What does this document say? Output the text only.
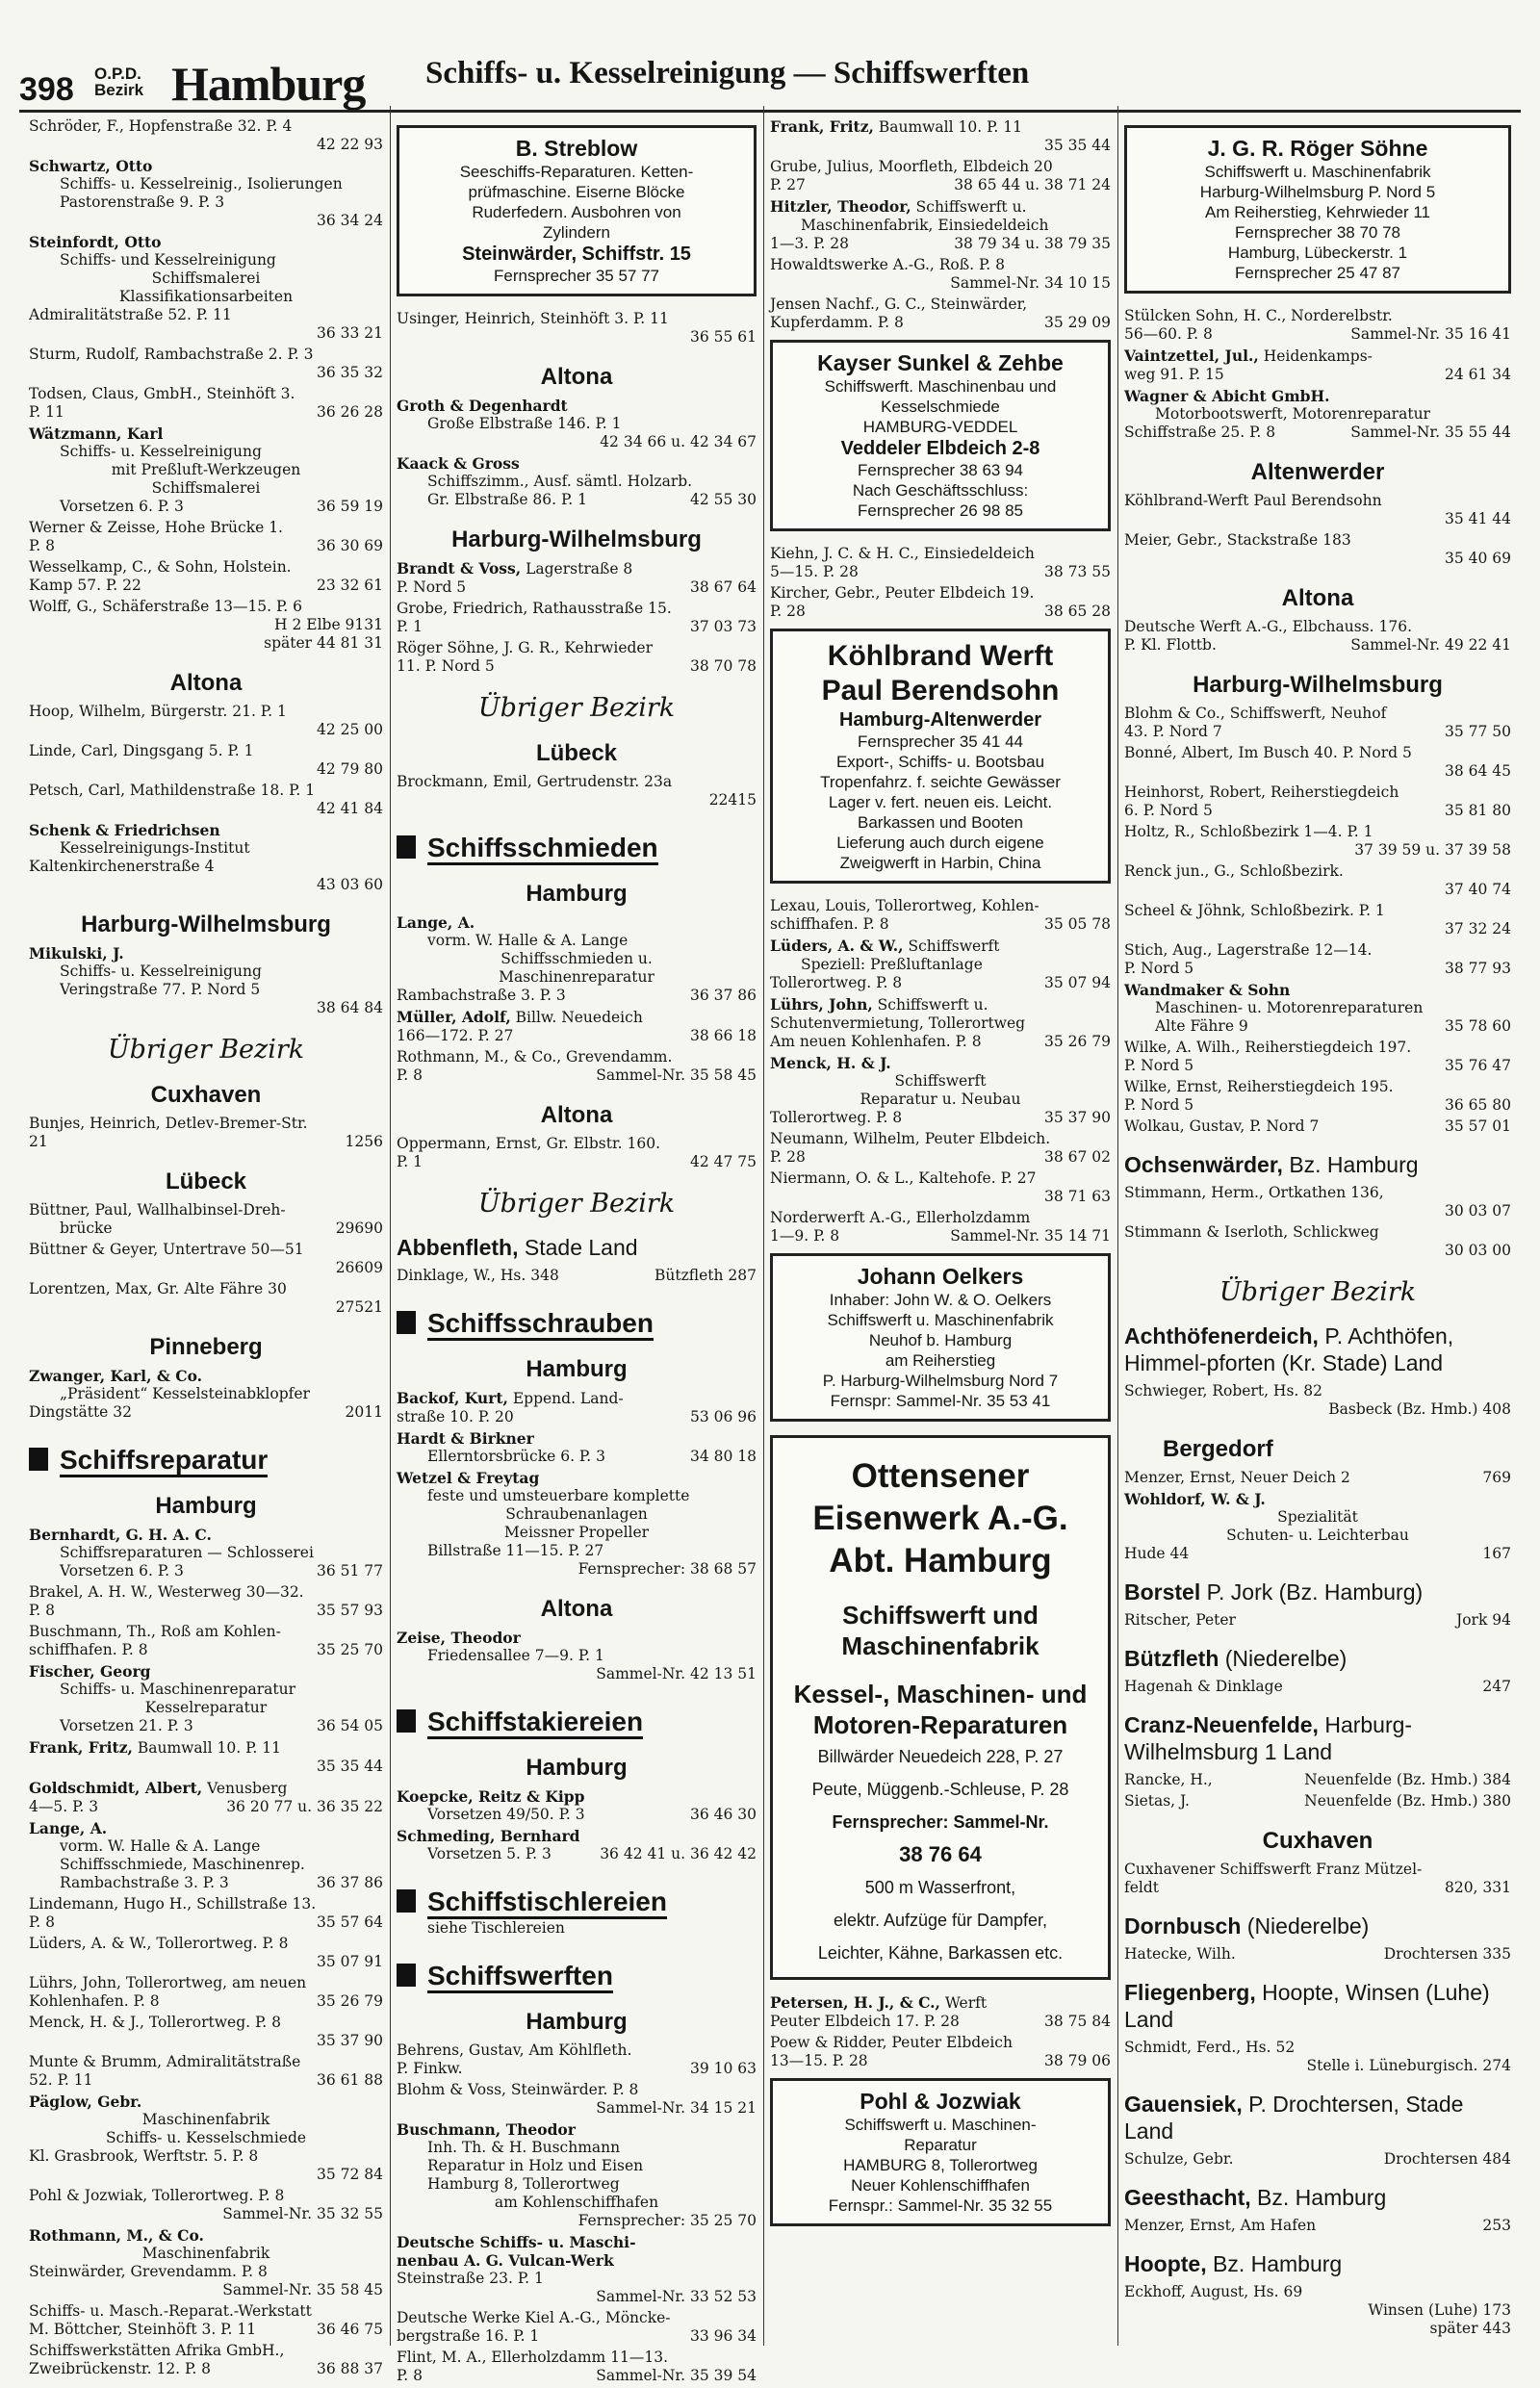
398 O.P.D.
Bezirk Hamburg Schiffs- u. Kesselreinigung — Schiffswerften
Schröder, F., Hopfenstraße 32. P. 4
42 22 93
Schwartz, Otto
Schiffs- u. Kesselreinig., Isolierungen
Pastorenstraße 9. P. 3
36 34 24
Steinfordt, Otto
Schiffs- und Kesselreinigung
Schiffsmalerei
Klassifikationsarbeiten
Admiralitätstraße 52. P. 11
36 33 21
Sturm, Rudolf, Rambachstraße 2. P. 3
36 35 32
Todsen, Claus, GmbH., Steinhöft 3.
P. 11	36 26 28
Wätzmann, Karl
Schiffs- u. Kesselreinigung
mit Preßluft-Werkzeugen
Schiffsmalerei
Vorsetzen 6. P. 3	36 59 19
Werner & Zeisse, Hohe Brücke 1.
P. 8	36 30 69
Wesselkamp, C., & Sohn, Holstein.
Kamp 57. P. 22	23 32 61
Wolff, G., Schäferstraße 13—15. P. 6
H 2 Elbe 9131
später 44 81 31
Altona
Hoop, Wilhelm, Bürgerstr. 21. P. 1
42 25 00
Linde, Carl, Dingsgang 5. P. 1
42 79 80
Petsch, Carl, Mathildenstraße 18. P. 1
42 41 84
Schenk & Friedrichsen
Kesselreinigungs-Institut
Kaltenkirchenerstraße 4
43 03 60
Harburg-Wilhelmsburg
Mikulski, J.
Schiffs- u. Kesselreinigung
Veringstraße 77. P. Nord 5
38 64 84
Übriger Bezirk
Cuxhaven
Bunjes, Heinrich, Detlev-Bremer-Str.
21	1256
Lübeck
Büttner, Paul, Wallhalbinsel-Dreh-
brücke	29690
Büttner & Geyer, Untertrave 50—51
26609
Lorentzen, Max, Gr. Alte Fähre 30
27521
Pinneberg
Zwanger, Karl, & Co.
„Präsident“ Kesselsteinabklopfer
Dingstätte 32	2011
Schiffsreparatur
Hamburg
Bernhardt, G. H. A. C.
Schiffsreparaturen — Schlosserei
Vorsetzen 6. P. 3	36 51 77
Brakel, A. H. W., Westerweg 30—32.
P. 8	35 57 93
Buschmann, Th., Roß am Kohlen-
schiffhafen. P. 8	35 25 70
Fischer, Georg
Schiffs- u. Maschinenreparatur
Kesselreparatur
Vorsetzen 21. P. 3	36 54 05
Frank, Fritz, Baumwall 10. P. 11
35 35 44
Goldschmidt, Albert, Venusberg
4—5. P. 3	36 20 77 u. 36 35 22
Lange, A.
vorm. W. Halle & A. Lange
Schiffsschmiede, Maschinenrep.
Rambachstraße 3. P. 3	36 37 86
Lindemann, Hugo H., Schillstraße 13.
P. 8	35 57 64
Lüders, A. & W., Tollerortweg. P. 8
35 07 91
Lührs, John, Tollerortweg, am neuen
Kohlenhafen. P. 8	35 26 79
Menck, H. & J., Tollerortweg. P. 8
35 37 90
Munte & Brumm, Admiralitätstraße
52. P. 11	36 61 88
Päglow, Gebr.
Maschinenfabrik
Schiffs- u. Kesselschmiede
Kl. Grasbrook, Werftstr. 5. P. 8
35 72 84
Pohl & Jozwiak, Tollerortweg. P. 8
Sammel-Nr. 35 32 55
Rothmann, M., & Co.
Maschinenfabrik
Steinwärder, Grevendamm. P. 8
Sammel-Nr. 35 58 45
Schiffs- u. Masch.-Reparat.-Werkstatt
M. Böttcher, Steinhöft 3. P. 11	36 46 75
Schiffswerkstätten Afrika GmbH.,
Zweibrückenstr. 12. P. 8	36 88 37
B. Streblow
Seeschiffs-Reparaturen. Ketten-
prüfmaschine. Eiserne Blöcke
Ruderfedern. Ausbohren von
Zylindern
Steinwärder, Schiffstr. 15
Fernsprecher 35 57 77
Usinger, Heinrich, Steinhöft 3. P. 11
36 55 61
Altona
Groth & Degenhardt
Große Elbstraße 146. P. 1
42 34 66 u. 42 34 67
Kaack & Gross
Schiffszimm., Ausf. sämtl. Holzarb.
Gr. Elbstraße 86. P. 1	42 55 30
Harburg-Wilhelmsburg
Brandt & Voss, Lagerstraße 8
P. Nord 5	38 67 64
Grobe, Friedrich, Rathausstraße 15.
P. 1	37 03 73
Röger Söhne, J. G. R., Kehrwieder
11. P. Nord 5	38 70 78
Übriger Bezirk
Lübeck
Brockmann, Emil, Gertrudenstr. 23a
22415
Schiffsschmieden
Hamburg
Lange, A.
vorm. W. Halle & A. Lange
Schiffsschmieden u.
Maschinenreparatur
Rambachstraße 3. P. 3	36 37 86
Müller, Adolf, Billw. Neuedeich
166—172. P. 27	38 66 18
Rothmann, M., & Co., Grevendamm.
P. 8	Sammel-Nr. 35 58 45
Altona
Oppermann, Ernst, Gr. Elbstr. 160.
P. 1	42 47 75
Übriger Bezirk
Abbenfleth, Stade Land
Dinklage, W., Hs. 348	Bützfleth 287
Schiffsschrauben
Hamburg
Backof, Kurt, Eppend. Land-
straße 10. P. 20	53 06 96
Hardt & Birkner
Ellerntorsbrücke 6. P. 3	34 80 18
Wetzel & Freytag
feste und umsteuerbare komplette
Schraubenanlagen
Meissner Propeller
Billstraße 11—15. P. 27
Fernsprecher: 38 68 57
Altona
Zeise, Theodor
Friedensallee 7—9. P. 1
Sammel-Nr. 42 13 51
Schiffstakiereien
Hamburg
Koepcke, Reitz & Kipp
Vorsetzen 49/50. P. 3	36 46 30
Schmeding, Bernhard
Vorsetzen 5. P. 3	36 42 41 u. 36 42 42
Schiffstischlereien
siehe Tischlereien
Schiffswerften
Hamburg
Behrens, Gustav, Am Köhlfleth.
P. Finkw.	39 10 63
Blohm & Voss, Steinwärder. P. 8
Sammel-Nr. 34 15 21
Buschmann, Theodor
Inh. Th. & H. Buschmann
Reparatur in Holz und Eisen
Hamburg 8, Tollerortweg
am Kohlenschiffhafen
Fernsprecher: 35 25 70
Deutsche Schiffs- u. Maschi-
nenbau A. G. Vulcan-Werk
Steinstraße 23. P. 1
Sammel-Nr. 33 52 53
Deutsche Werke Kiel A.-G., Möncke-
bergstraße 16. P. 1	33 96 34
Flint, M. A., Ellerholzdamm 11—13.
P. 8	Sammel-Nr. 35 39 54
Frank, Fritz, Baumwall 10. P. 11
35 35 44
Grube, Julius, Moorfleth, Elbdeich 20
P. 27	38 65 44 u. 38 71 24
Hitzler, Theodor, Schiffswerft u.
Maschinenfabrik, Einsiedeldeich
1—3. P. 28	38 79 34 u. 38 79 35
Howaldtswerke A.-G., Roß. P. 8
Sammel-Nr. 34 10 15
Jensen Nachf., G. C., Steinwärder,
Kupferdamm. P. 8	35 29 09
Kayser Sunkel & Zehbe
Schiffswerft. Maschinenbau und
Kesselschmiede
HAMBURG-VEDDEL
Veddeler Elbdeich 2-8
Fernsprecher 38 63 94
Nach Geschäftsschluss:
Fernsprecher 26 98 85
Kiehn, J. C. & H. C., Einsiedeldeich
5—15. P. 28	38 73 55
Kircher, Gebr., Peuter Elbdeich 19.
P. 28	38 65 28
Köhlbrand Werft
Paul Berendsohn
Hamburg-Altenwerder
Fernsprecher 35 41 44
Export-, Schiffs- u. Bootsbau
Tropenfahrz. f. seichte Gewässer
Lager v. fert. neuen eis. Leicht.
Barkassen und Booten
Lieferung auch durch eigene
Zweigwerft in Harbin, China
Lexau, Louis, Tollerortweg, Kohlen-
schiffhafen. P. 8	35 05 78
Lüders, A. & W., Schiffswerft
Speziell: Preßluftanlage
Tollerortweg. P. 8	35 07 94
Lührs, John, Schiffswerft u.
Schutenvermietung, Tollerortweg
Am neuen Kohlenhafen. P. 8	35 26 79
Menck, H. & J.
Schiffswerft
Reparatur u. Neubau
Tollerortweg. P. 8	35 37 90
Neumann, Wilhelm, Peuter Elbdeich.
P. 28	38 67 02
Niermann, O. & L., Kaltehofe. P. 27
38 71 63
Norderwerft A.-G., Ellerholzdamm
1—9. P. 8	Sammel-Nr. 35 14 71
Johann Oelkers
Inhaber: John W. & O. Oelkers
Schiffswerft u. Maschinenfabrik
Neuhof b. Hamburg
am Reiherstieg
P. Harburg-Wilhelmsburg Nord 7
Fernspr: Sammel-Nr. 35 53 41
Ottensener
Eisenwerk A.-G.
Abt. Hamburg
Schiffswerft und
Maschinenfabrik
Kessel-, Maschinen- und
Motoren-Reparaturen
Billwärder Neuedeich 228, P. 27
Peute, Müggenb.-Schleuse, P. 28
Fernsprecher: Sammel-Nr.
38 76 64
500 m Wasserfront,
elektr. Aufzüge für Dampfer,
Leichter, Kähne, Barkassen etc.
Petersen, H. J., & C., Werft
Peuter Elbdeich 17. P. 28	38 75 84
Poew & Ridder, Peuter Elbdeich
13—15. P. 28	38 79 06
Pohl & Jozwiak
Schiffswerft u. Maschinen-
Reparatur
HAMBURG 8, Tollerortweg
Neuer Kohlenschiffhafen
Fernspr.: Sammel-Nr. 35 32 55
J. G. R. Röger Söhne
Schiffswerft u. Maschinenfabrik
Harburg-Wilhelmsburg P. Nord 5
Am Reiherstieg, Kehrwieder 11
Fernsprecher 38 70 78
Hamburg, Lübeckerstr. 1
Fernsprecher 25 47 87
Stülcken Sohn, H. C., Norderelbstr.
56—60. P. 8	Sammel-Nr. 35 16 41
Vaintzettel, Jul., Heidenkamps-
weg 91. P. 15	24 61 34
Wagner & Abicht GmbH.
Motorbootswerft, Motorenreparatur
Schiffstraße 25. P. 8	Sammel-Nr. 35 55 44
Altenwerder
Köhlbrand-Werft Paul Berendsohn
35 41 44
Meier, Gebr., Stackstraße 183
35 40 69
Altona
Deutsche Werft A.-G., Elbchauss. 176.
P. Kl. Flottb.	Sammel-Nr. 49 22 41
Harburg-Wilhelmsburg
Blohm & Co., Schiffswerft, Neuhof
43. P. Nord 7	35 77 50
Bonné, Albert, Im Busch 40. P. Nord 5
38 64 45
Heinhorst, Robert, Reiherstiegdeich
6. P. Nord 5	35 81 80
Holtz, R., Schloßbezirk 1—4. P. 1
37 39 59 u. 37 39 58
Renck jun., G., Schloßbezirk.
37 40 74
Scheel & Jöhnk, Schloßbezirk. P. 1
37 32 24
Stich, Aug., Lagerstraße 12—14.
P. Nord 5	38 77 93
Wandmaker & Sohn
Maschinen- u. Motorenreparaturen
Alte Fähre 9	35 78 60
Wilke, A. Wilh., Reiherstiegdeich 197.
P. Nord 5	35 76 47
Wilke, Ernst, Reiherstiegdeich 195.
P. Nord 5	36 65 80
Wolkau, Gustav, P. Nord 7	35 57 01
Ochsenwärder, Bz. Hamburg
Stimmann, Herm., Ortkathen 136,
30 03 07
Stimmann & Iserloth, Schlickweg
30 03 00
Übriger Bezirk
Achthöfenerdeich, P. Achthöfen, Himmel-pforten (Kr. Stade) Land
Schwieger, Robert, Hs. 82
Basbeck (Bz. Hmb.) 408
Bergedorf
Menzer, Ernst, Neuer Deich 2	769
Wohldorf, W. & J.
Spezialität
Schuten- u. Leichterbau
Hude 44	167
Borstel P. Jork (Bz. Hamburg)
Ritscher, Peter	Jork 94
Bützfleth (Niederelbe)
Hagenah & Dinklage	247
Cranz-Neuenfelde, Harburg-Wilhelmsburg 1 Land
Rancke, H.,	Neuenfelde (Bz. Hmb.) 384
Sietas, J.	Neuenfelde (Bz. Hmb.) 380
Cuxhaven
Cuxhavener Schiffswerft Franz Mützel-
feldt	820, 331
Dornbusch (Niederelbe)
Hatecke, Wilh.	Drochtersen 335
Fliegenberg, Hoopte, Winsen (Luhe) Land
Schmidt, Ferd., Hs. 52
Stelle i. Lüneburgisch. 274
Gauensiek, P. Drochtersen, Stade Land
Schulze, Gebr.	Drochtersen 484
Geesthacht, Bz. Hamburg
Menzer, Ernst, Am Hafen	253
Hoopte, Bz. Hamburg
Eckhoff, August, Hs. 69
Winsen (Luhe) 173
später 443
